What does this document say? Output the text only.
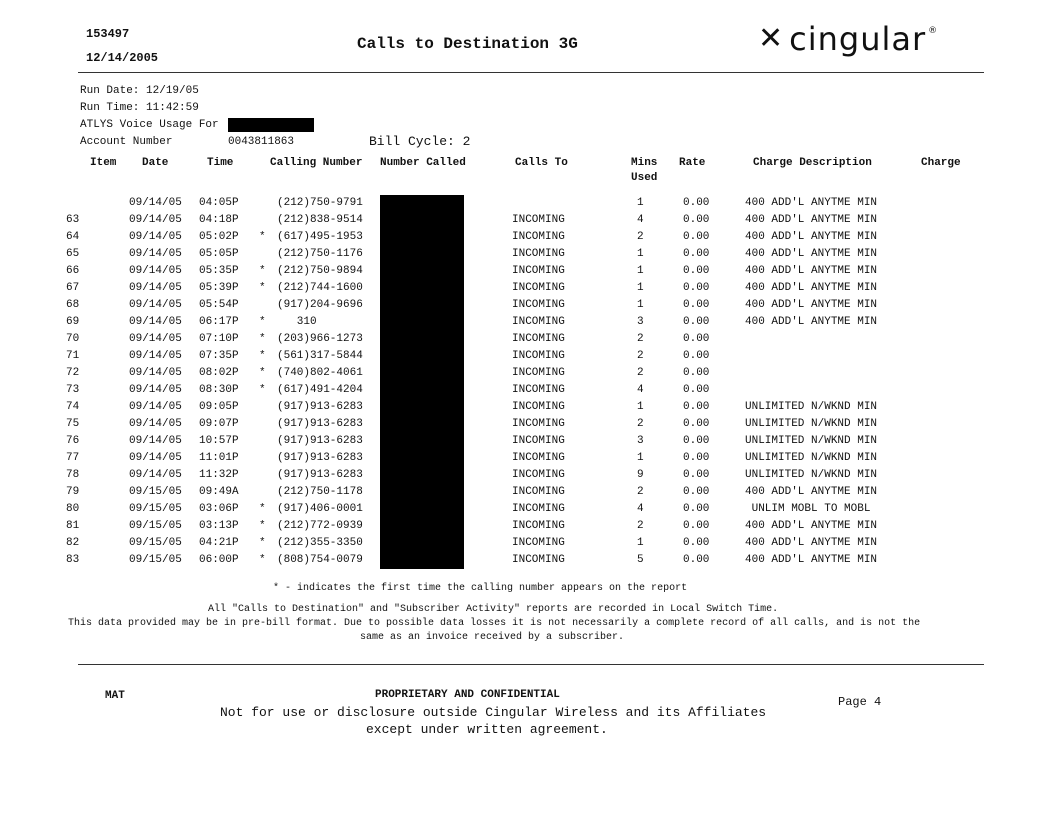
153497
12/14/2005
Calls to Destination 3G	✕ cingular ®
Run Date: 12/19/05
Run Time: 11:42:59
ATLYS Voice Usage For
Account Number	0043811863	Bill Cycle: 2
Item Date	Time	Calling Number Number Called	Calls To	Mins
Used
Rate	Charge Description	Charge
09/14/05 04:05P	(212)750-9791	1	0.00	400 ADD'L ANYTME MIN
63	09/14/05 04:18P	(212)838-9514	INCOMING	4	0.00	400 ADD'L ANYTME MIN
64	09/14/05 05:02P * (617)495-1953	INCOMING	2	0.00	400 ADD'L ANYTME MIN
65	09/14/05 05:05P	(212)750-1176	INCOMING	1	0.00	400 ADD'L ANYTME MIN
66	09/14/05 05:35P * (212)750-9894	INCOMING	1	0.00	400 ADD'L ANYTME MIN
67	09/14/05 05:39P * (212)744-1600	INCOMING	1	0.00	400 ADD'L ANYTME MIN
68	09/14/05 05:54P	(917)204-9696	INCOMING	1	0.00	400 ADD'L ANYTME MIN
69	09/14/05 06:17P * 310	INCOMING	3	0.00	400 ADD'L ANYTME MIN
70	09/14/05 07:10P * (203)966-1273	INCOMING	2	0.00
71	09/14/05 07:35P * (561)317-5844	INCOMING	2	0.00
72	09/14/05 08:02P * (740)802-4061	INCOMING	2	0.00
73	09/14/05 08:30P * (617)491-4204	INCOMING	4	0.00
74	09/14/05 09:05P	(917)913-6283	INCOMING	1	0.00	UNLIMITED N/WKND MIN
75	09/14/05 09:07P	(917)913-6283	INCOMING	2	0.00	UNLIMITED N/WKND MIN
76	09/14/05 10:57P	(917)913-6283	INCOMING	3	0.00	UNLIMITED N/WKND MIN
77	09/14/05 11:01P	(917)913-6283	INCOMING	1	0.00	UNLIMITED N/WKND MIN
78	09/14/05 11:32P	(917)913-6283	INCOMING	9	0.00	UNLIMITED N/WKND MIN
79	09/15/05 09:49A	(212)750-1178	INCOMING	2	0.00	400 ADD'L ANYTME MIN
80	09/15/05 03:06P * (917)406-0001	INCOMING	4	0.00	UNLIM MOBL TO MOBL
81	09/15/05 03:13P * (212)772-0939	INCOMING	2	0.00	400 ADD'L ANYTME MIN
82	09/15/05 04:21P * (212)355-3350	INCOMING	1	0.00	400 ADD'L ANYTME MIN
83	09/15/05 06:00P * (808)754-0079	INCOMING	5	0.00	400 ADD'L ANYTME MIN
* - indicates the first time the calling number appears on the report
All "Calls to Destination" and "Subscriber Activity" reports are recorded in Local Switch Time.
This data provided may be in pre-bill format. Due to possible data losses it is not necessarily a complete record of all calls, and is not the
same as an invoice received by a subscriber.
MAT	PROPRIETARY AND CONFIDENTIAL
Not for use or disclosure outside Cingular Wireless and its Affiliates
except under written agreement.
Page 4
